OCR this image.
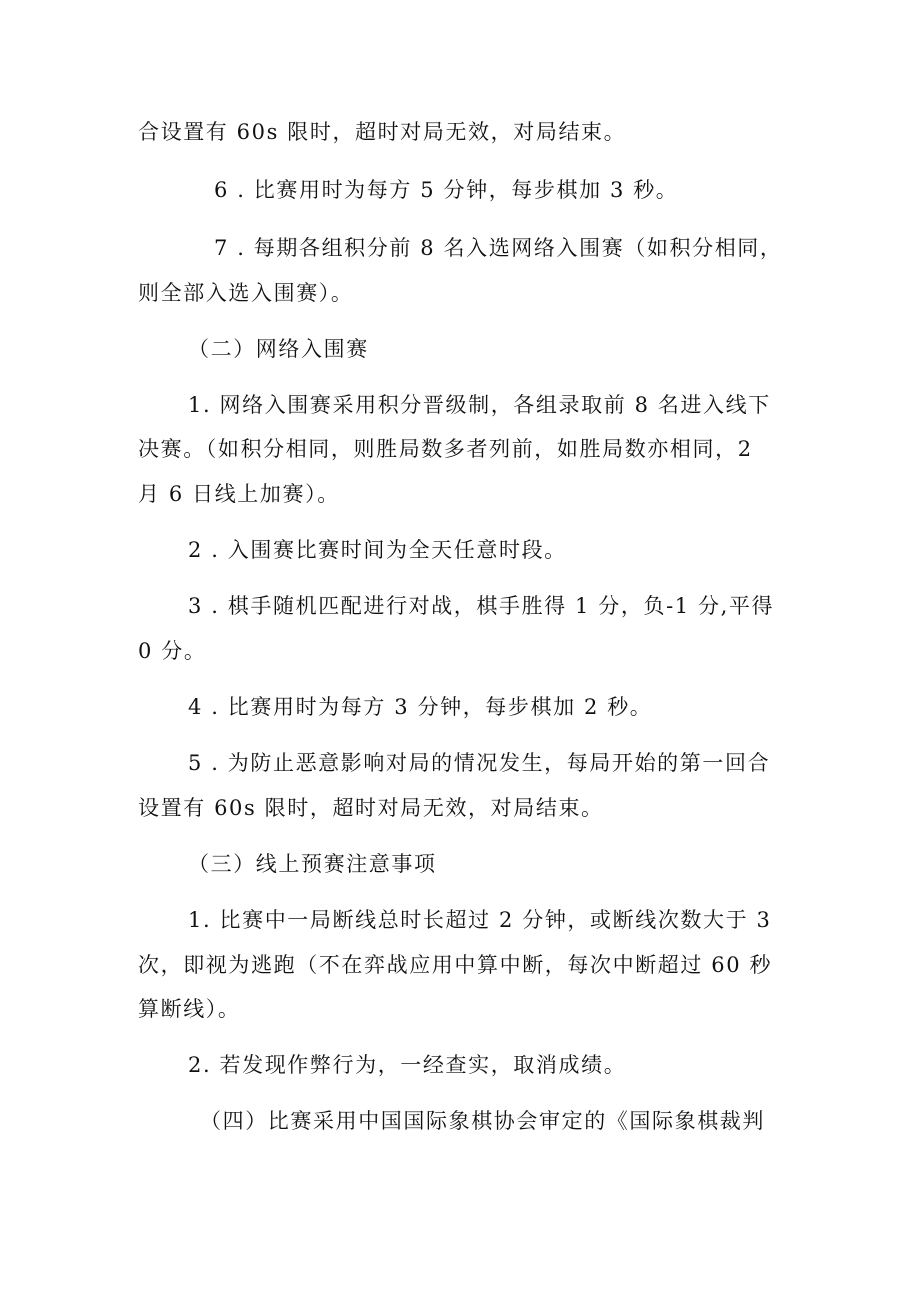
合设置有 60s 限时，超时对局无效，对局结束。
6 . 比赛用时为每方 5 分钟，每步棋加 3 秒。
7 . 每期各组积分前 8 名入选网络入围赛（如积分相同，
则全部入选入围赛）。
（二）网络入围赛
1. 网络入围赛采用积分晋级制，各组录取前 8 名进入线下
决赛。（如积分相同，则胜局数多者列前，如胜局数亦相同，2
月 6 日线上加赛）。
2 . 入围赛比赛时间为全天任意时段。
3 . 棋手随机匹配进行对战，棋手胜得 1 分，负-1 分,平得
0 分。
4 . 比赛用时为每方 3 分钟，每步棋加 2 秒。
5 . 为防止恶意影响对局的情况发生，每局开始的第一回合
设置有 60s 限时，超时对局无效，对局结束。
（三）线上预赛注意事项
1. 比赛中一局断线总时长超过 2 分钟，或断线次数大于 3
次，即视为逃跑（不在弈战应用中算中断，每次中断超过 60 秒
算断线）。
2. 若发现作弊行为，一经查实，取消成绩。
（四）比赛采用中国国际象棋协会审定的《国际象棋裁判
